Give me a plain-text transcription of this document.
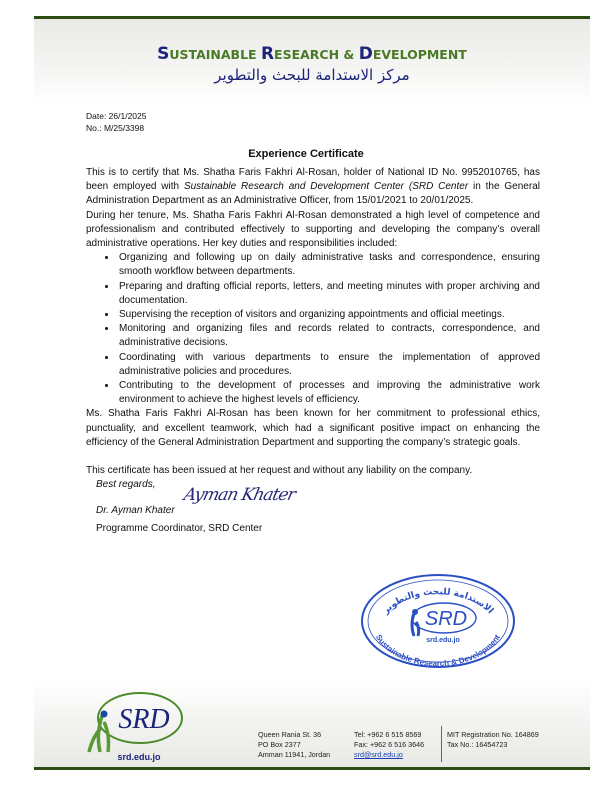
SUSTAINABLE RESEARCH & DEVELOPMENT
مركز الاستدامة للبحث والتطوير
Date: 26/1/2025
No.: M/25/3398
Experience Certificate

This is to certify that Ms. Shatha Faris Fakhri Al-Rosan, holder of National ID No. 9952010765, has been employed with Sustainable Research and Development Center (SRD Center in the General Administration Department as an Administrative Officer, from 15/01/2021 to 20/01/2025.

During her tenure, Ms. Shatha Faris Fakhri Al-Rosan demonstrated a high level of competence and professionalism and contributed effectively to supporting and developing the company’s overall administrative operations. Her key duties and responsibilities included:

• Organizing and following up on daily administrative tasks and correspondence, ensuring smooth workflow between departments.
• Preparing and drafting official reports, letters, and meeting minutes with proper archiving and documentation.
• Supervising the reception of visitors and organizing appointments and official meetings.
• Monitoring and organizing files and records related to contracts, correspondence, and administrative decisions.
• Coordinating with various departments to ensure the implementation of approved administrative policies and procedures.
• Contributing to the development of processes and improving the administrative work environment to achieve the highest levels of efficiency.

Ms. Shatha Faris Fakhri Al-Rosan has been known for her commitment to professional ethics, punctuality, and excellent teamwork, which had a significant positive impact on enhancing the efficiency of the General Administration Department and supporting the company’s strategic goals.

This certificate has been issued at her request and without any liability on the company.

Best regards,

Dr. Ayman Khater
Ayman Khater

Programme Coordinator, SRD Center

الاستدامة للبحث والتطوير
SRD
srd.edu.jo
Sustainable Research & Development
SRD
srd.edu.jo
Queen Rania St. 36
PO Box 2377
Amman 11941, Jordan
Tel: +962 6 515 8569
Fax: +962 6 516 3646
srd@srd.edu.jo
MIT Registration No. 164869
Tax No.: 16454723
